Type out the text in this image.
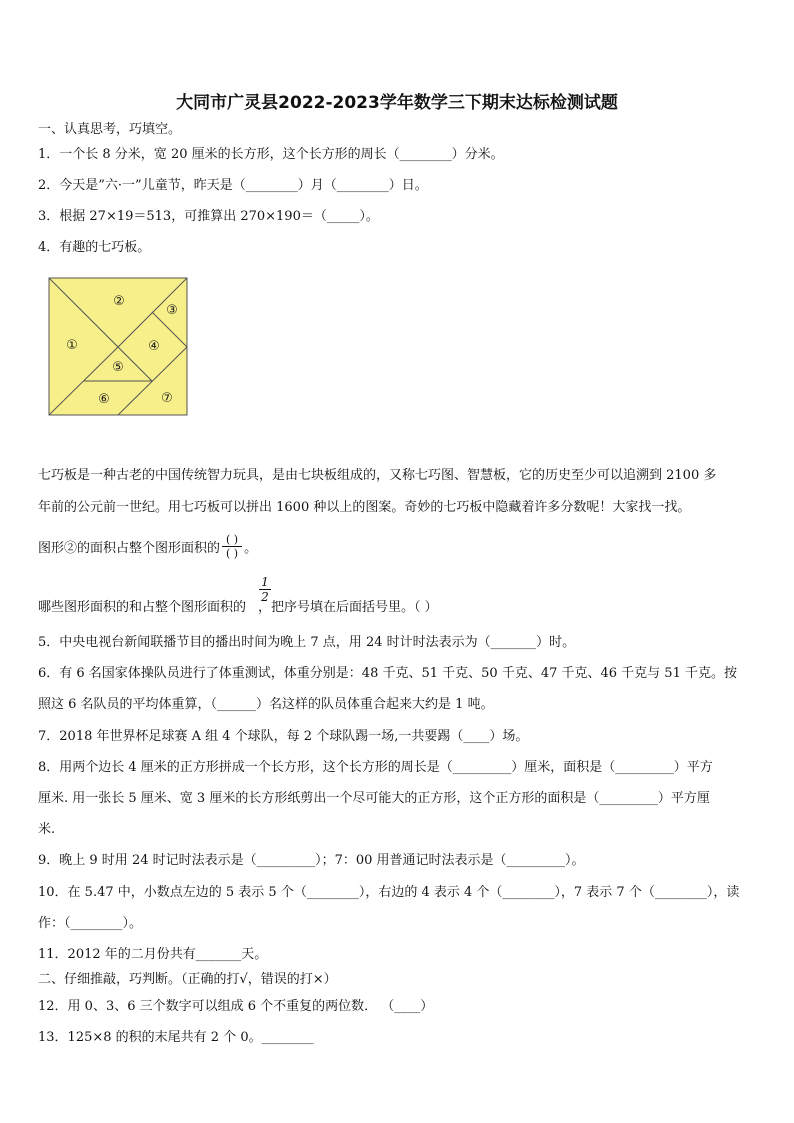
大同市广灵县2022-2023学年数学三下期末达标检测试题
一、认真思考，巧填空。
1．一个长 8 分米，宽 20 厘米的长方形，这个长方形的周长（________）分米。
2．今天是”六·一”儿童节，昨天是（________）月（________）日。
3．根据 27×19＝513，可推算出 270×190＝（_____）。
4．有趣的七巧板。
①
②
③
④
⑤
⑥	⑦
七巧板是一种古老的中国传统智力玩具，是由七块板组成的，又称七巧图、智慧板，它的历史至少可以追溯到 2100 多
年前的公元前一世纪。用七巧板可以拼出 1600 种以上的图案。奇妙的七巧板中隐藏着许多分数呢！大家找一找。
图形②的面积占整个图形面积的
( )
( ) 。
$\frac{1}{2}$
哪些图形面积的和占整个图形面积的 ，把序号填在后面括号里。（ ）
5．中央电视台新闻联播节目的播出时间为晚上 7 点，用 24 时计时法表示为（_______）时。
6．有 6 名国家体操队员进行了体重测试，体重分别是：48 千克、51 千克、50 千克、47 千克、46 千克与 51 千克。按
照这 6 名队员的平均体重算，（______）名这样的队员体重合起来大约是 1 吨。
7．2018 年世界杯足球赛 A 组 4 个球队，每 2 个球队踢一场,一共要踢（____）场。
8．用两个边长 4 厘米的正方形拼成一个长方形，这个长方形的周长是（_________）厘米，面积是（_________）平方
厘米. 用一张长 5 厘米、宽 3 厘米的长方形纸剪出一个尽可能大的正方形，这个正方形的面积是（_________）平方厘
米.
9．晚上 9 时用 24 时记时法表示是（_________）；7：00 用普通记时法表示是（_________）。
10．在 5.47 中，小数点左边的 5 表示 5 个（________），右边的 4 表示 4 个（________），7 表示 7 个（________），读
作：（________）。
11．2012 年的二月份共有_______天。
二、仔细推敲，巧判断。（正确的打√，错误的打×）
12．用 0、3、6 三个数字可以组成 6 个不重复的两位数． （____）
13．125×8 的积的末尾共有 2 个 0。________
